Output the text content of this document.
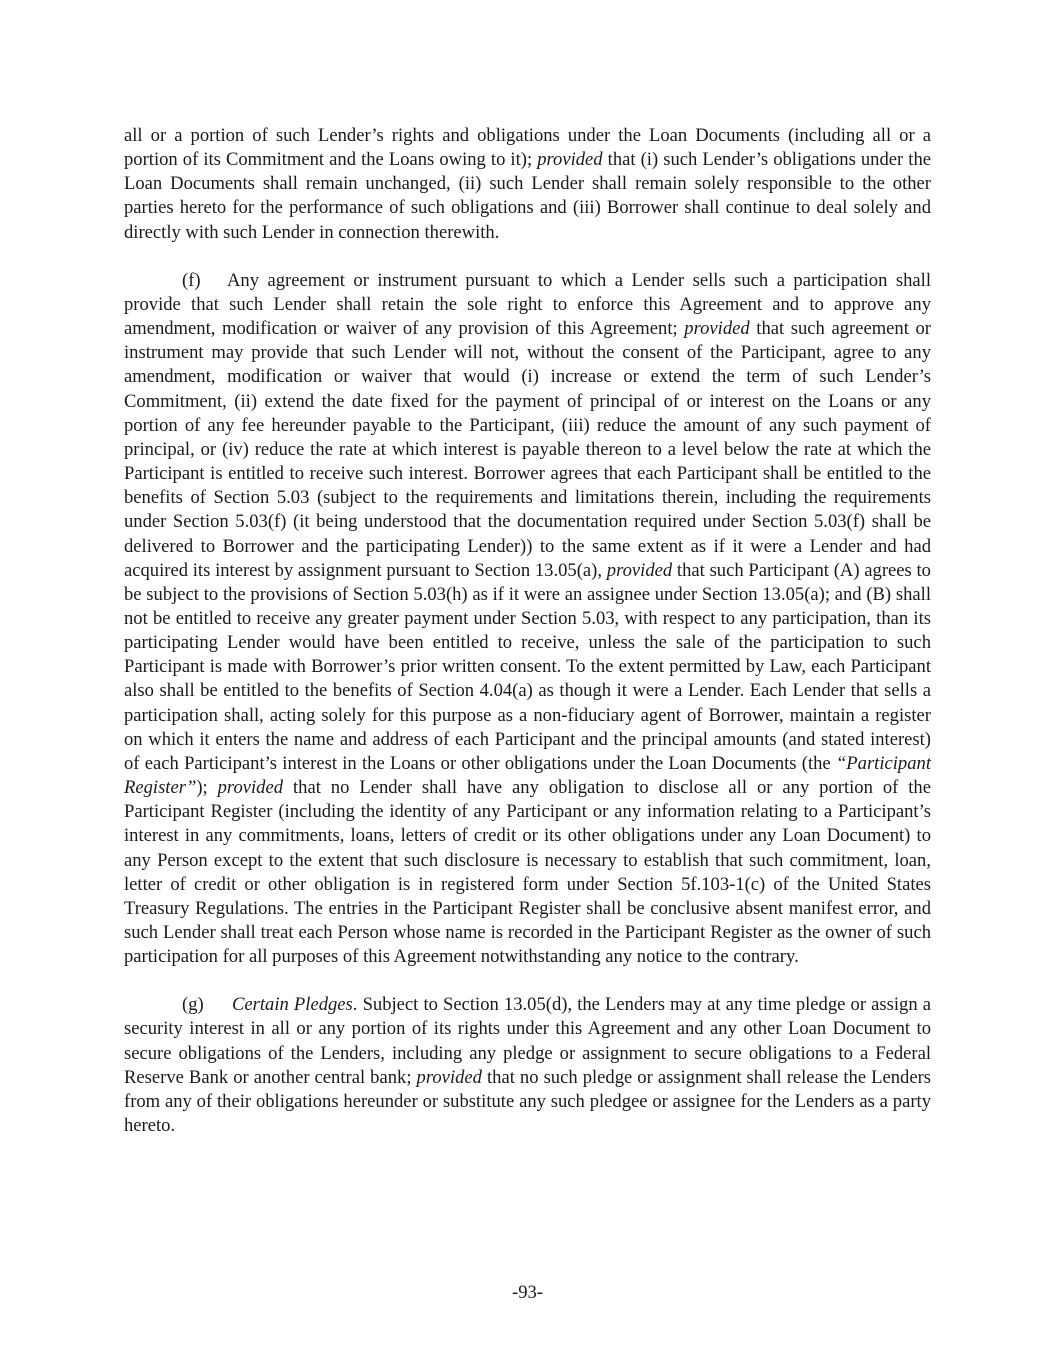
all or a portion of such Lender’s rights and obligations under the Loan Documents (including all or a portion of its Commitment and the Loans owing to it); provided that (i) such Lender’s obligations under the Loan Documents shall remain unchanged, (ii) such Lender shall remain solely responsible to the other parties hereto for the performance of such obligations and (iii) Borrower shall continue to deal solely and directly with such Lender in connection therewith.

(f) Any agreement or instrument pursuant to which a Lender sells such a participation shall provide that such Lender shall retain the sole right to enforce this Agreement and to approve any amendment, modification or waiver of any provision of this Agreement; provided that such agreement or instrument may provide that such Lender will not, without the consent of the Participant, agree to any amendment, modification or waiver that would (i) increase or extend the term of such Lender’s Commitment, (ii) extend the date fixed for the payment of principal of or interest on the Loans or any portion of any fee hereunder payable to the Participant, (iii) reduce the amount of any such payment of principal, or (iv) reduce the rate at which interest is payable thereon to a level below the rate at which the Participant is entitled to receive such interest. Borrower agrees that each Participant shall be entitled to the benefits of Section 5.03 (subject to the requirements and limitations therein, including the requirements under Section 5.03(f) (it being understood that the documentation required under Section 5.03(f) shall be delivered to Borrower and the participating Lender)) to the same extent as if it were a Lender and had acquired its interest by assignment pursuant to Section 13.05(a), provided that such Participant (A) agrees to be subject to the provisions of Section 5.03(h) as if it were an assignee under Section 13.05(a); and (B) shall not be entitled to receive any greater payment under Section 5.03, with respect to any participation, than its participating Lender would have been entitled to receive, unless the sale of the participation to such Participant is made with Borrower’s prior written consent. To the extent permitted by Law, each Participant also shall be entitled to the benefits of Section 4.04(a) as though it were a Lender. Each Lender that sells a participation shall, acting solely for this purpose as a non-fiduciary agent of Borrower, maintain a register on which it enters the name and address of each Participant and the principal amounts (and stated interest) of each Participant’s interest in the Loans or other obligations under the Loan Documents (the “Participant Register”); provided that no Lender shall have any obligation to disclose all or any portion of the Participant Register (including the identity of any Participant or any information relating to a Participant’s interest in any commitments, loans, letters of credit or its other obligations under any Loan Document) to any Person except to the extent that such disclosure is necessary to establish that such commitment, loan, letter of credit or other obligation is in registered form under Section 5f.103-1(c) of the United States Treasury Regulations. The entries in the Participant Register shall be conclusive absent manifest error, and such Lender shall treat each Person whose name is recorded in the Participant Register as the owner of such participation for all purposes of this Agreement notwithstanding any notice to the contrary.

(g) Certain Pledges. Subject to Section 13.05(d), the Lenders may at any time pledge or assign a security interest in all or any portion of its rights under this Agreement and any other Loan Document to secure obligations of the Lenders, including any pledge or assignment to secure obligations to a Federal Reserve Bank or another central bank; provided that no such pledge or assignment shall release the Lenders from any of their obligations hereunder or substitute any such pledgee or assignee for the Lenders as a party hereto.

-93-
